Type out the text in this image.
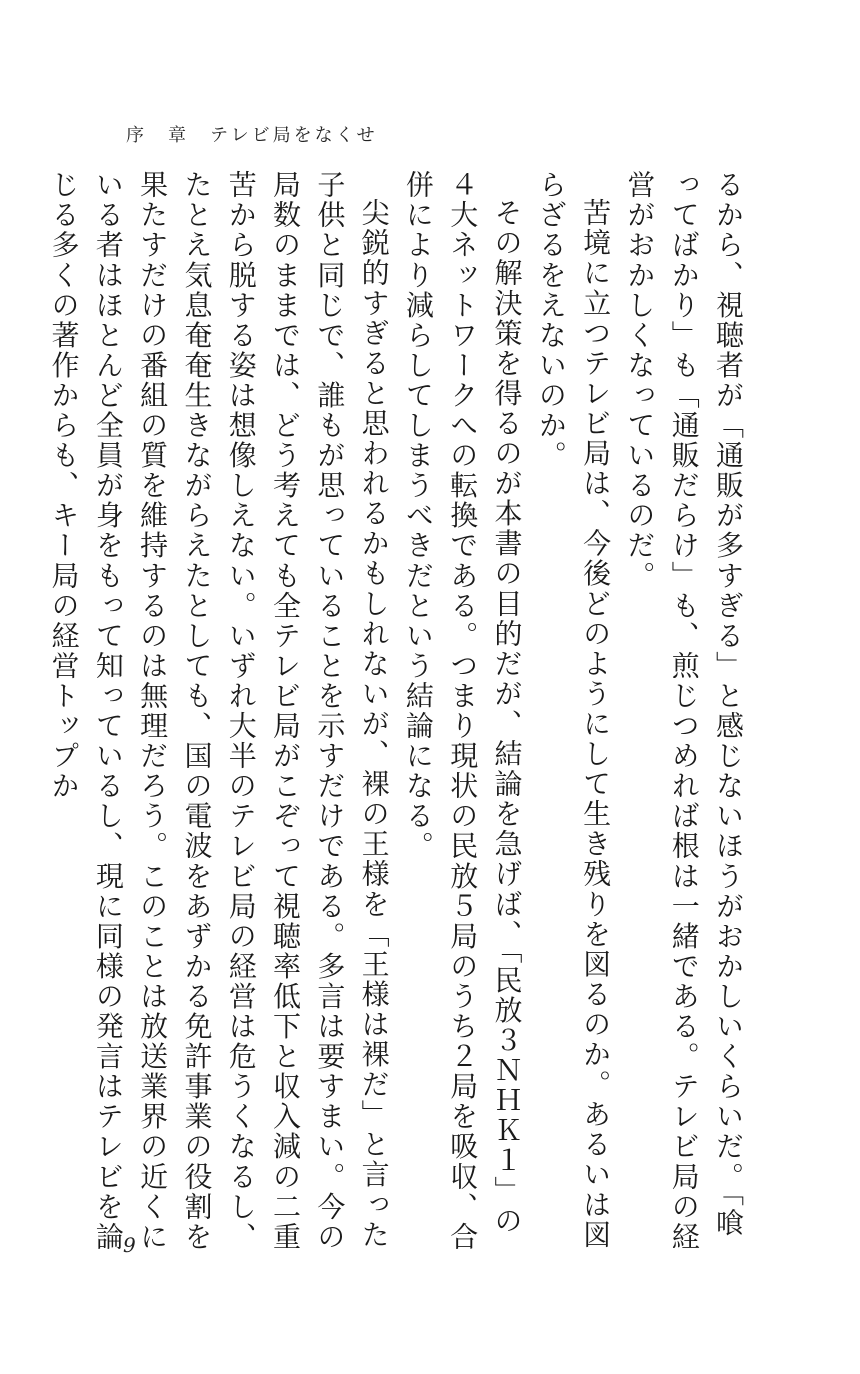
序　章　テレビ局をなくせ

るから、視聴者が「通販が多すぎる」と感じないほうがおかしいくらいだ。「喰ってばかり」も「通販だらけ」も、煎じつめれば根は一緒である。テレビ局の経営がおかしくなっているのだ。

苦境に立つテレビ局は、今後どのようにして生き残りを図るのか。あるいは図らざるをえないのか。

その解決策を得るのが本書の目的だが、結論を急げば、「民放３ＮＨＫ１」の４大ネットワークへの転換である。つまり現状の民放５局のうち２局を吸収、合併により減らしてしまうべきだという結論になる。

尖鋭的すぎると思われるかもしれないが、裸の王様を「王様は裸だ」と言った子供と同じで、誰もが思っていることを示すだけである。多言は要すまい。今の局数のままでは、どう考えても全テレビ局がこぞって視聴率低下と収入減の二重苦から脱する姿は想像しえない。いずれ大半のテレビ局の経営は危うくなるし、たとえ気息奄奄生きながらえたとしても、国の電波をあずかる免許事業の役割を果たすだけの番組の質を維持するのは無理だろう。このことは放送業界の近くにいる者はほとんど全員が身をもって知っているし、現に同様の発言はテレビを論じる多くの著作からも、キー局の経営トップか

9
